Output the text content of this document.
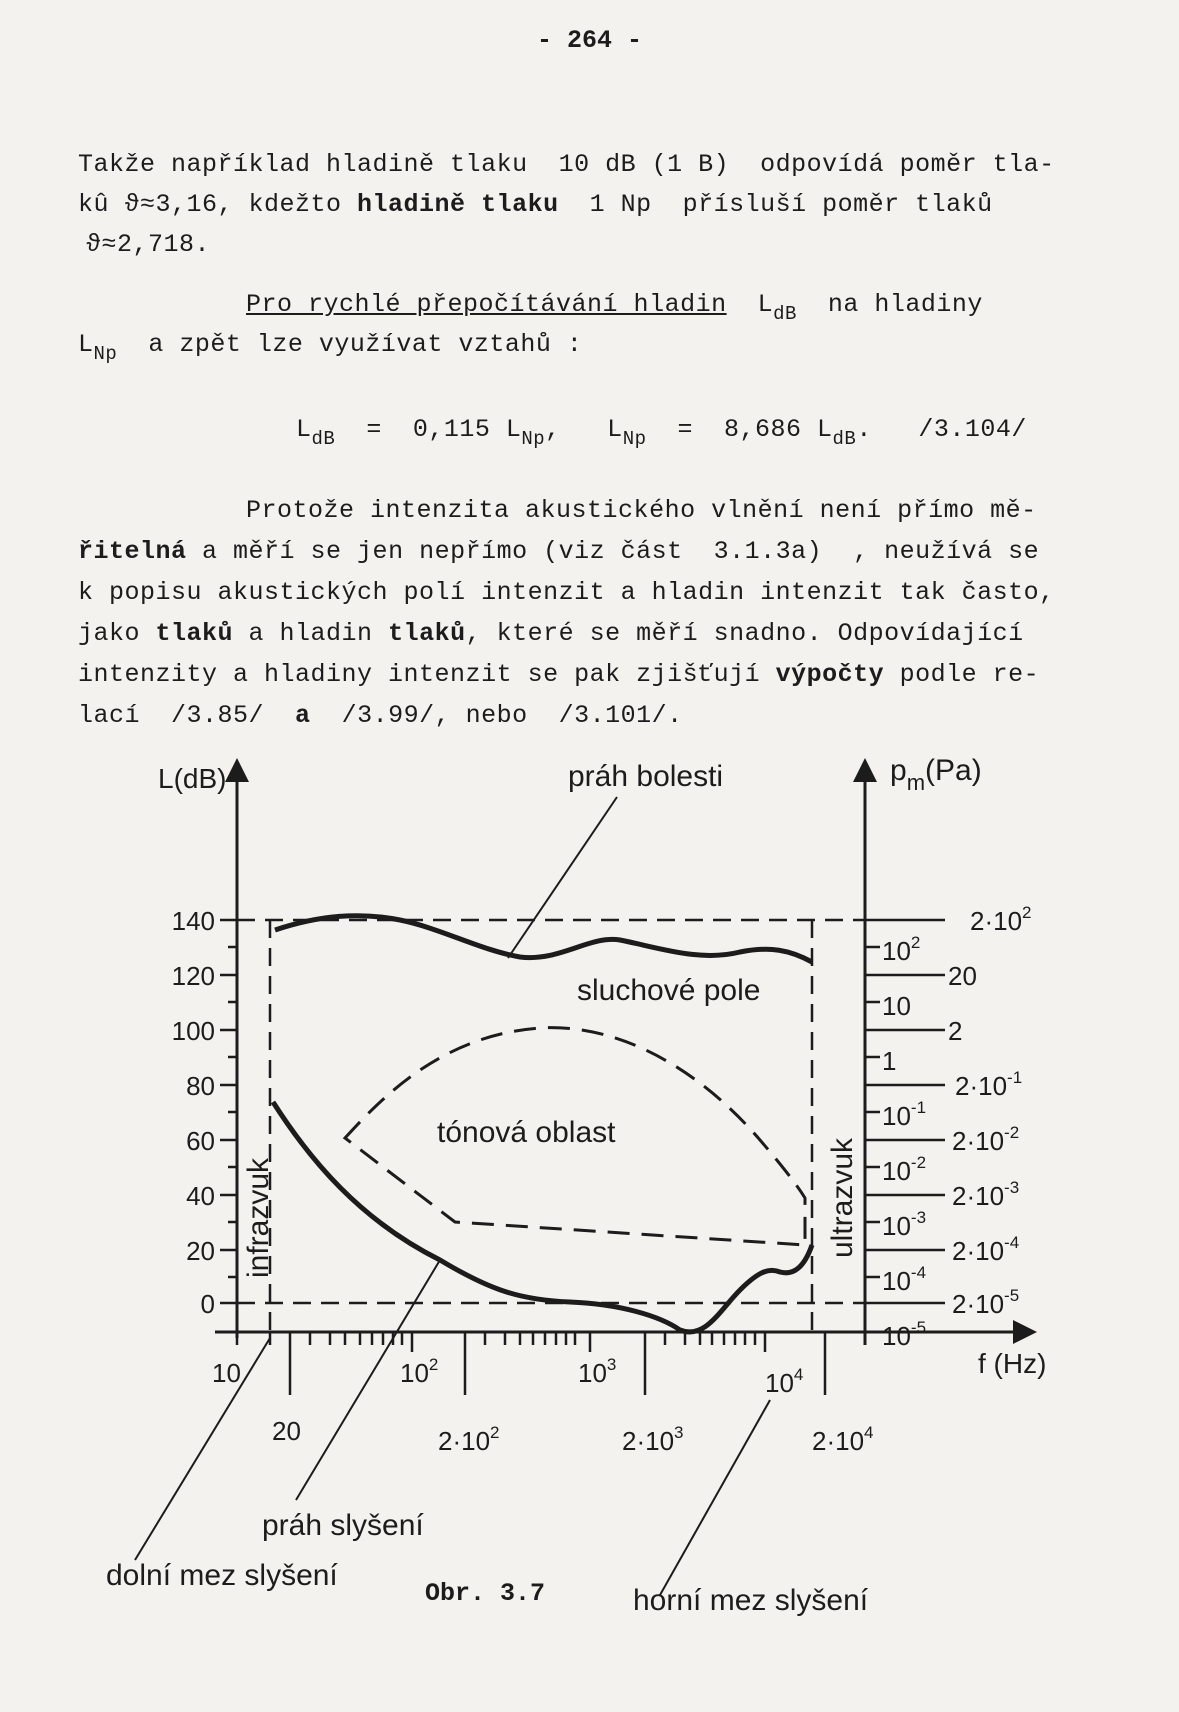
- 264 -
Takže například hladině tlaku  10 dB (1 B)  odpovídá poměr tla-
kû ϑ≈3,16, kdežto hladině tlaku  1 Np  přísluší poměr tlaků
ϑ≈2,718.
Pro rychlé přepočítávání hladin  $L_{dB}$  na hladiny
$L_{Np}$  a zpět lze využívat vztahů :
$L_{dB} = 0,115$ $L_{Np}$,   $L_{Np} = 8,686$ $L_{dB}$.   /3.104/
Protože intenzita akustického vlnění není přímo mě-
řitelná a měří se jen nepřímo (viz část  3.1.3a)  , neužívá se
k popisu akustických polí intenzit a hladin intenzit tak často,
jako tlaků a hladin tlaků, které se měří snadno. Odpovídající
intenzity a hladiny intenzit se pak zjišťují výpočty podle re-
lací  /3.85/  a  /3.99/, nebo  /3.101/.
L(dB)	$p_m(Pa)$
f (Hz)
140
120
100
80
60
40
20
0
$10^2$
10
1
$10^{-1}$
$10^{-2}$
$10^{-3}$
$10^{-4}$
$10^{-5}$
$2\cdot 10^2$
20
2
$2\cdot 10^{-1}$
$2\cdot 10^{-2}$
$2\cdot 10^{-3}$
$2\cdot 10^{-4}$
$2\cdot 10^{-5}$
10	$10^2$	$10^3$
$10^4$
20	$2\cdot 10^2$	$2\cdot 10^3$	$2\cdot 10^4$
práh bolesti
sluchové pole
tónová oblast
infrazvuk	ultrazvuk
práh slyšení
dolní mez slyšení
horní mez slyšení
Obr. 3.7
